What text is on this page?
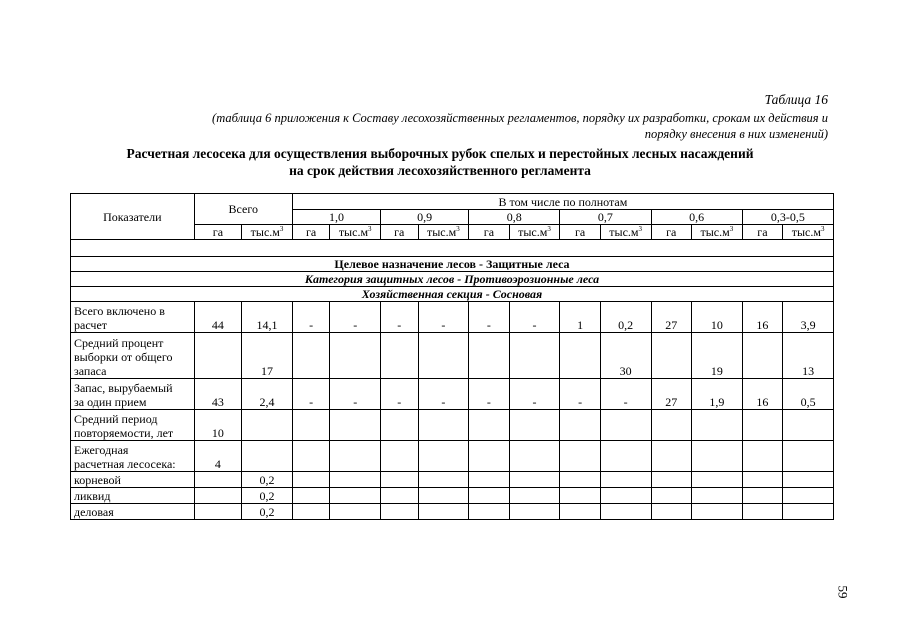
Таблица 16

(таблица 6 приложения к Составу лесохозяйственных регламентов, порядку их разработки, срокам их действия и

порядку внесения в них изменений)

Расчетная лесосека для осуществления выборочных рубок спелых и перестойных лесных насаждений

на срок действия лесохозяйственного регламента

Показатели	Всего		В том числе по полнотам											
			1,0		0,9		0,8		0,7		0,6		0,3-0,5	
	га	$тыс.м^3$	га	$тыс.м^3$	га	$тыс.м^3$	га	$тыс.м^3$	га	$тыс.м^3$	га	$тыс.м^3$	га	$тыс.м^3$

Целевое назначение лесов - Защитные леса														
Категория защитных лесов - Противоэрозионные леса														
Хозяйственная секция - Сосновая														
Всего включено в
расчет	44	14,1	-	-	-	-	-	-	1	0,2	27	10	16	3,9
Средний процент
выборки от общего
запаса		17								30		19		13
Запас, вырубаемый
за один прием	43	2,4	-	-	-	-	-	-	-	-	27	1,9	16	0,5
Средний период
повторяемости, лет	10													
Ежегодная
расчетная лесосека:	4													
корневой		0,2												
ликвид		0,2												
деловая		0,2												
59
